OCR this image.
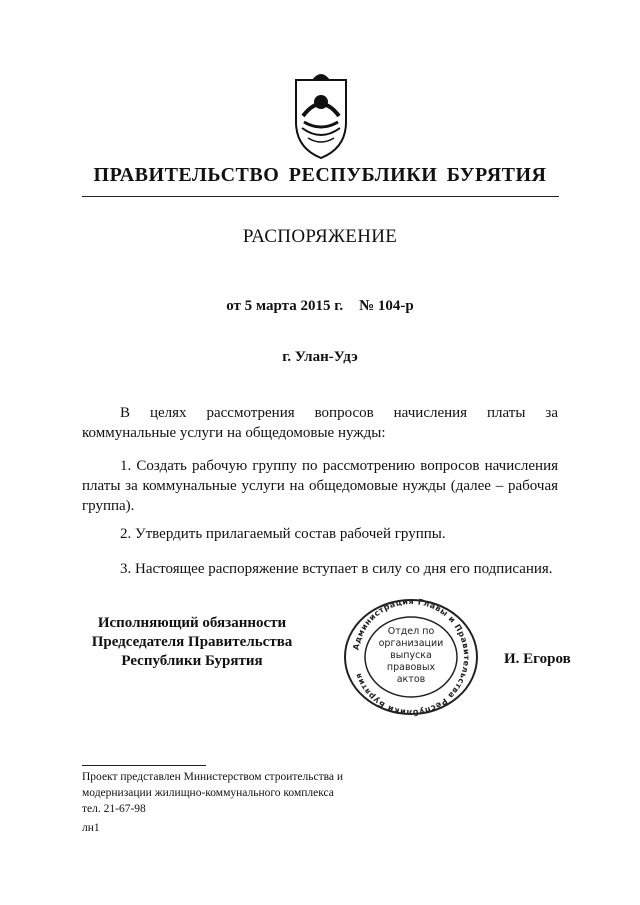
ПРАВИТЕЛЬСТВО РЕСПУБЛИКИ БУРЯТИЯ
РАСПОРЯЖЕНИЕ
от 5 марта 2015 г. № 104-р
г. Улан-Удэ

В целях рассмотрения вопросов начисления платы за коммунальные услуги на общедомовые нужды:

1. Создать рабочую группу по рассмотрению вопросов начисления платы за коммунальные услуги на общедомовые нужды (далее – рабочая группа).

2. Утвердить прилагаемый состав рабочей группы.

3. Настоящее распоряжение вступает в силу со дня его подписания.

Исполняющий обязанности
Председателя Правительства
Республики Бурятия
Администрация Главы и Правительства Республики Бурятия
Отдел по
организации
выпуска
правовых
актов
И. Егоров
Проект представлен Министерством строительства и
модернизации жилищно-коммунального комплекса
тел. 21-67-98
лн1
